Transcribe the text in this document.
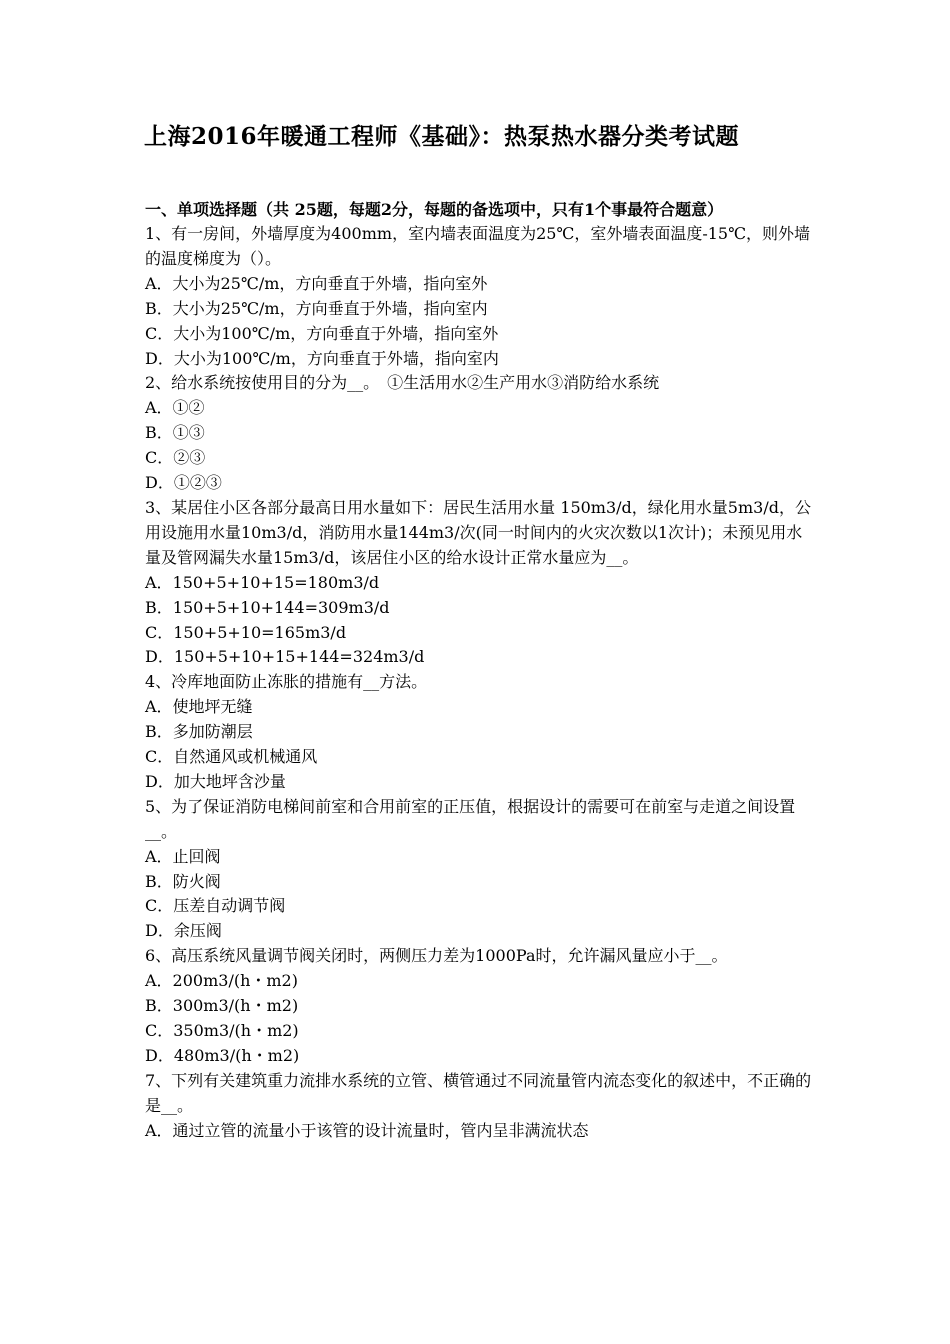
上海2016年暖通工程师《基础》：热泵热水器分类考试题

一、单项选择题（共 25题，每题2分，每题的备选项中，只有1个事最符合题意）

1、有一房间，外墙厚度为400mm，室内墙表面温度为25℃，室外墙表面温度-15℃，则外墙的温度梯度为（）。

A．大小为25℃/m，方向垂直于外墙，指向室外

B．大小为25℃/m，方向垂直于外墙，指向室内

C．大小为100℃/m，方向垂直于外墙，指向室外

D．大小为100℃/m，方向垂直于外墙，指向室内

2、给水系统按使用目的分为__。　①生活用水②生产用水③消防给水系统

A．①②

B．①③

C．②③

D．①②③

3、某居住小区各部分最高日用水量如下：居民生活用水量 150m3/d，绿化用水量5m3/d，公用设施用水量10m3/d，消防用水量144m3/次(同一时间内的火灾次数以1次计)；未预见用水量及管网漏失水量15m3/d，该居住小区的给水设计正常水量应为__。

A．150+5+10+15=180m3/d

B．150+5+10+144=309m3/d

C．150+5+10=165m3/d

D．150+5+10+15+144=324m3/d

4、冷库地面防止冻胀的措施有__方法。

A．使地坪无缝

B．多加防潮层

C．自然通风或机械通风

D．加大地坪含沙量

5、为了保证消防电梯间前室和合用前室的正压值，根据设计的需要可在前室与走道之间设置__。

A．止回阀

B．防火阀

C．压差自动调节阀

D．余压阀

6、高压系统风量调节阀关闭时，两侧压力差为1000Pa时，允许漏风量应小于__。

A．200m3/(h・m2)

B．300m3/(h・m2)

C．350m3/(h・m2)

D．480m3/(h・m2)

7、下列有关建筑重力流排水系统的立管、横管通过不同流量管内流态变化的叙述中，不正确的是__。

A．通过立管的流量小于该管的设计流量时，管内呈非满流状态
